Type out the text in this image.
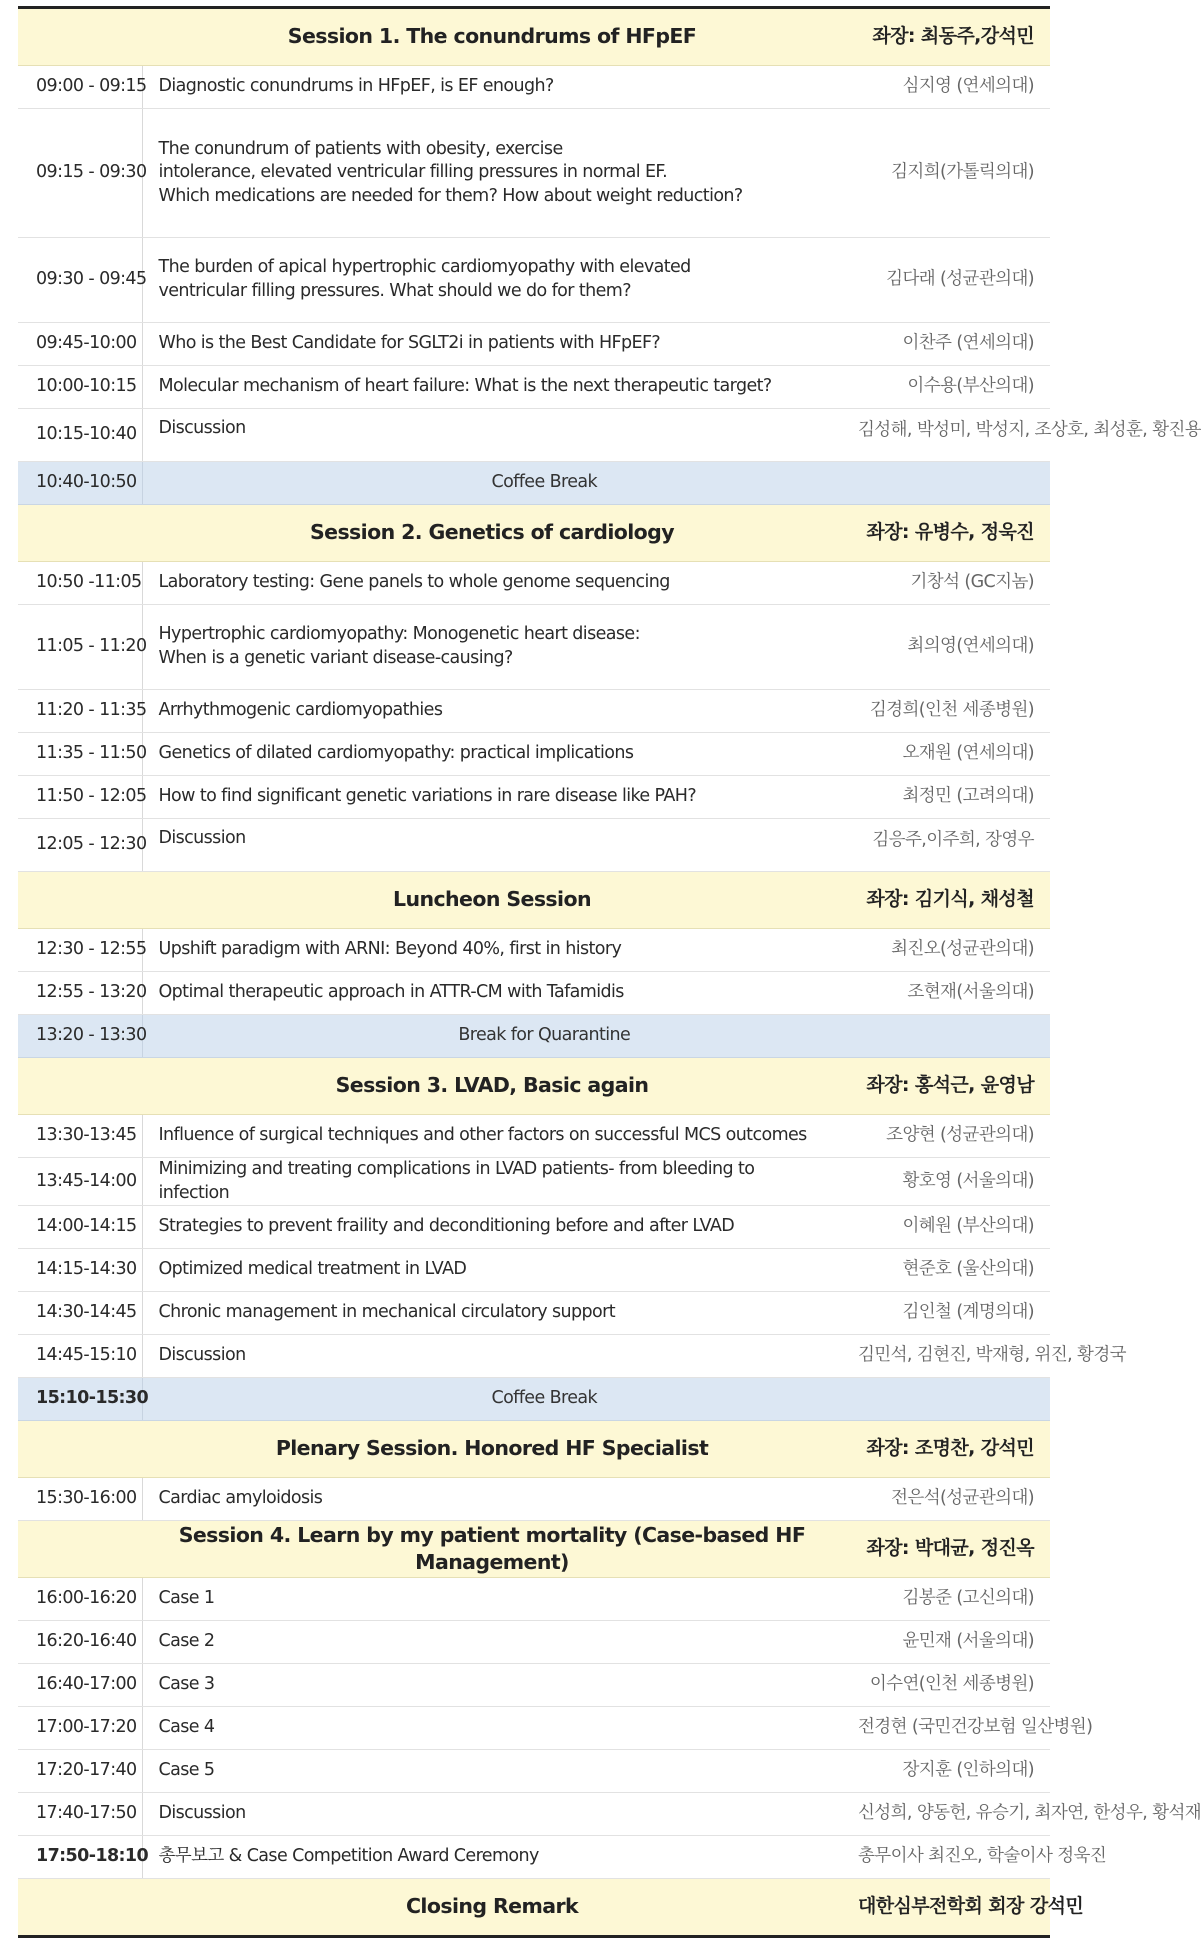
Session 1. The conundrums of HFpEF		좌장: 최동주,강석민
09:00 - 09:15	Diagnostic conundrums in HFpEF, is EF enough?	심지영 (연세의대)
09:15 - 09:30	The conundrum of patients with obesity, exercise
intolerance, elevated ventricular filling pressures in normal EF.
Which medications are needed for them? How about weight reduction?	김지희(가톨릭의대)
09:30 - 09:45	The burden of apical hypertrophic cardiomyopathy with elevated
ventricular filling pressures. What should we do for them?	김다래 (성균관의대)
09:45-10:00	Who is the Best Candidate for SGLT2i in patients with HFpEF?	이찬주 (연세의대)
10:00-10:15	Molecular mechanism of heart failure: What is the next therapeutic target?	이수용(부산의대)
10:15-10:40	Discussion	김성해, 박성미, 박성지, 조상호, 최성훈, 황진용
10:40-10:50	Coffee Break	
Session 2. Genetics of cardiology		좌장: 유병수, 정욱진
10:50 -11:05	Laboratory testing: Gene panels to whole genome sequencing	기창석 (GC지놈)
11:05 - 11:20	Hypertrophic cardiomyopathy: Monogenetic heart disease:
When is a genetic variant disease-causing?	최의영(연세의대)
11:20 - 11:35	Arrhythmogenic cardiomyopathies	김경희(인천 세종병원)
11:35 - 11:50	Genetics of dilated cardiomyopathy: practical implications	오재원 (연세의대)
11:50 - 12:05	How to find significant genetic variations in rare disease like PAH?	최정민 (고려의대)
12:05 - 12:30	Discussion	김응주,이주희, 장영우
Luncheon Session		좌장: 김기식, 채성철
12:30 - 12:55	Upshift paradigm with ARNI: Beyond 40%, first in history	최진오(성균관의대)
12:55 - 13:20	Optimal therapeutic approach in ATTR-CM with Tafamidis	조현재(서울의대)
13:20 - 13:30	Break for Quarantine	
Session 3. LVAD, Basic again		좌장: 홍석근, 윤영남
13:30-13:45	Influence of surgical techniques and other factors on successful MCS outcomes	조양현 (성균관의대)
13:45-14:00	Minimizing and treating complications in LVAD patients- from bleeding to infection	황호영 (서울의대)
14:00-14:15	Strategies to prevent fraility and deconditioning before and after LVAD	이혜원 (부산의대)
14:15-14:30	Optimized medical treatment in LVAD	현준호 (울산의대)
14:30-14:45	Chronic management in mechanical circulatory support	김인철 (계명의대)
14:45-15:10	Discussion	김민석, 김현진, 박재형, 위진, 황경국
15:10-15:30	Coffee Break	
Plenary Session. Honored HF Specialist		좌장: 조명찬, 강석민
15:30-16:00	Cardiac amyloidosis	전은석(성균관의대)
Session 4. Learn by my patient mortality (Case-based HF Management)		좌장: 박대균, 정진옥
16:00-16:20	Case 1	김봉준 (고신의대)
16:20-16:40	Case 2	윤민재 (서울의대)
16:40-17:00	Case 3	이수연(인천 세종병원)
17:00-17:20	Case 4	전경현 (국민건강보험 일산병원)
17:20-17:40	Case 5	장지훈 (인하의대)
17:40-17:50	Discussion	신성희, 양동헌, 유승기, 최자연, 한성우, 황석재
17:50-18:10	총무보고 & Case Competition Award Ceremony	총무이사 최진오, 학술이사 정욱진
Closing Remark		대한심부전학회 회장 강석민
